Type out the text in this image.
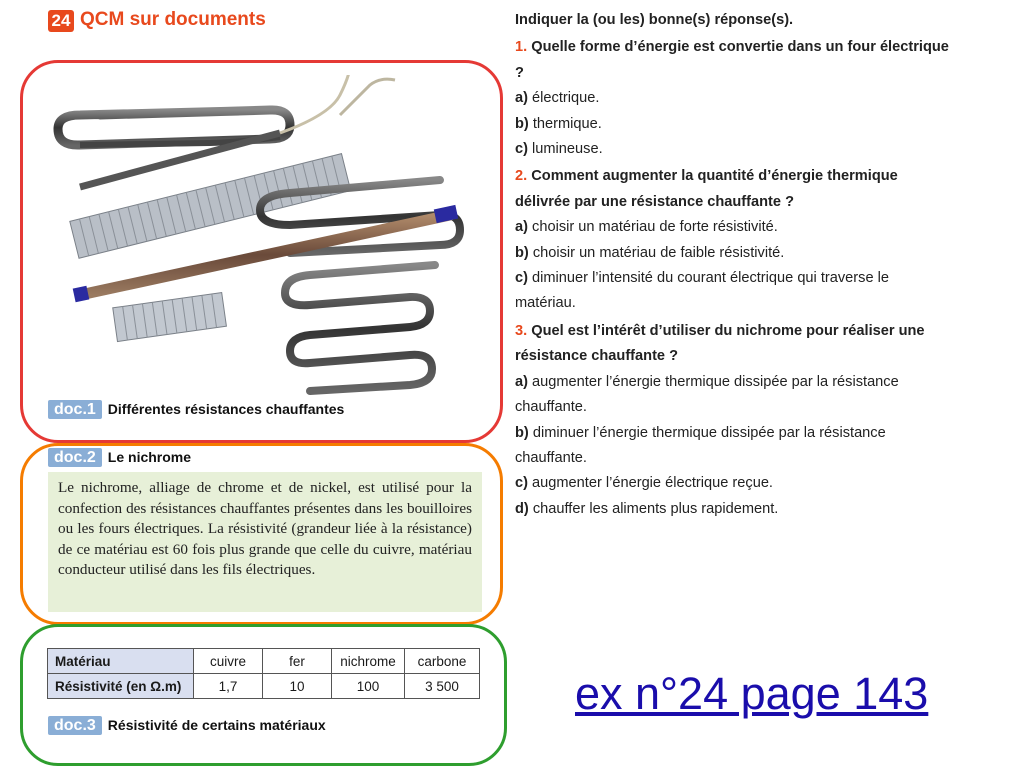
24 QCM sur documents
doc.1 Différentes résistances chauffantes
doc.2 Le nichrome
Le nichrome, alliage de chrome et de nickel, est utilisé pour la confection des résistances chauffantes présentes dans les bouilloires ou les fours électriques. La résistivité (grandeur liée à la résistance) de ce matériau est 60 fois plus grande que celle du cuivre, matériau conducteur utilisé dans les fils électriques.
Matériau	cuivre	fer	nichrome	carbone
Résistivité (en Ω.m)	1,7	10	100	3 500
doc.3 Résistivité de certains matériaux
Indiquer la (ou les) bonne(s) réponse(s).
1. Quelle forme d’énergie est convertie dans un four électrique ?
a) électrique.
b) thermique.
c) lumineuse.
2. Comment augmenter la quantité d’énergie thermique délivrée par une résistance chauffante ?
a) choisir un matériau de forte résistivité.
b) choisir un matériau de faible résistivité.
c) diminuer l’intensité du courant électrique qui traverse le matériau.
3. Quel est l’intérêt d’utiliser du nichrome pour réaliser une résistance chauffante ?
a) augmenter l’énergie thermique dissipée par la résistance chauffante.
b) diminuer l’énergie thermique dissipée par la résistance chauffante.
c) augmenter l’énergie électrique reçue.
d) chauffer les aliments plus rapidement.
ex n°24 page 143
